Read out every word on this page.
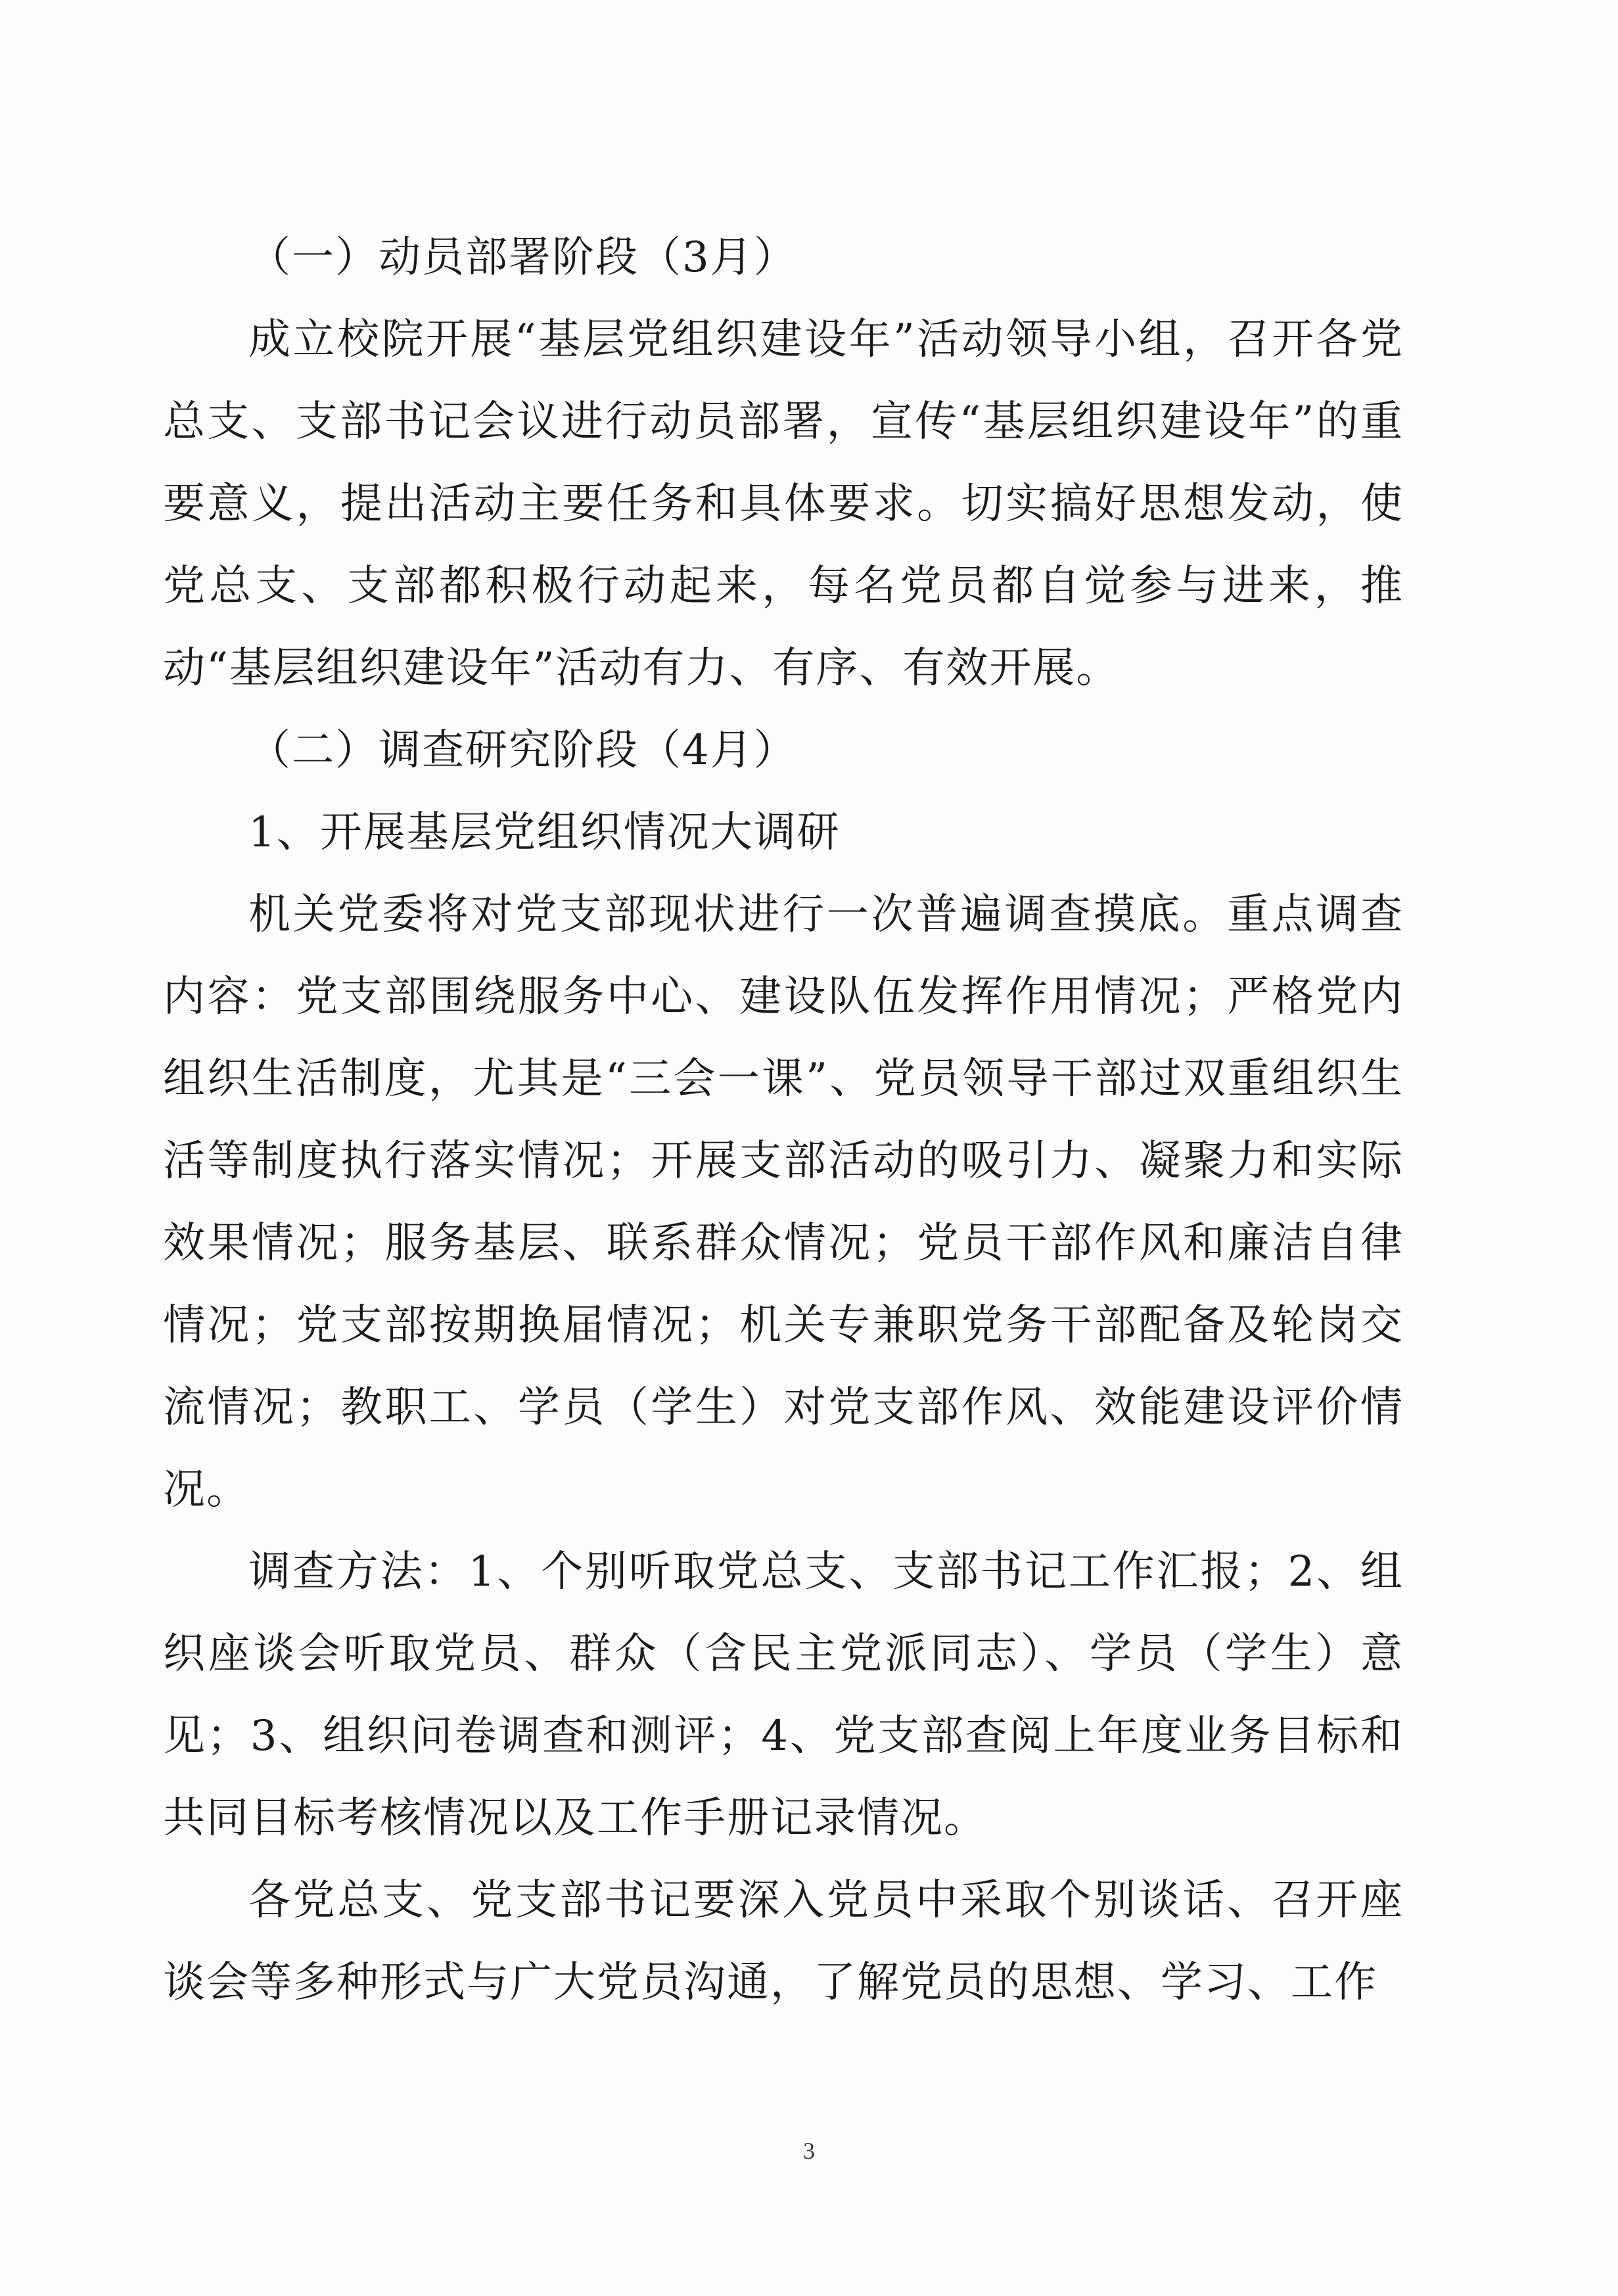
（一）动员部署阶段（3月）

成立校院开展“基层党组织建设年”活动领导小组，召开各党总支、支部书记会议进行动员部署，宣传“基层组织建设年”的重要意义，提出活动主要任务和具体要求。切实搞好思想发动，使党总支、支部都积极行动起来，每名党员都自觉参与进来，推动“基层组织建设年”活动有力、有序、有效开展。

（二）调查研究阶段（4月）

1、开展基层党组织情况大调研

机关党委将对党支部现状进行一次普遍调查摸底。重点调查内容：党支部围绕服务中心、建设队伍发挥作用情况；严格党内组织生活制度，尤其是“三会一课”、党员领导干部过双重组织生活等制度执行落实情况；开展支部活动的吸引力、凝聚力和实际效果情况；服务基层、联系群众情况；党员干部作风和廉洁自律情况；党支部按期换届情况；机关专兼职党务干部配备及轮岗交流情况；教职工、学员（学生）对党支部作风、效能建设评价情况。

调查方法：1、个别听取党总支、支部书记工作汇报；2、组织座谈会听取党员、群众（含民主党派同志）、学员（学生）意见；3、组织问卷调查和测评；4、党支部查阅上年度业务目标和共同目标考核情况以及工作手册记录情况。

各党总支、党支部书记要深入党员中采取个别谈话、召开座谈会等多种形式与广大党员沟通，了解党员的思想、学习、工作

3
